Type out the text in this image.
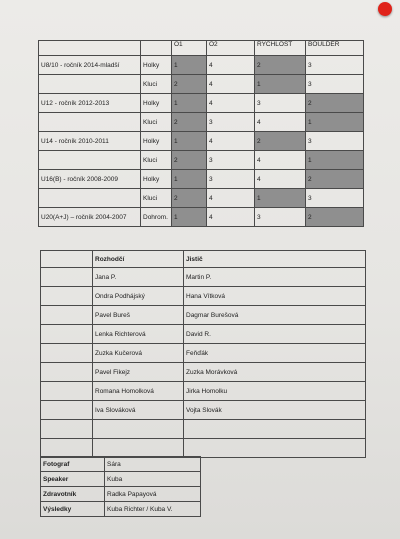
		O1	O2	RYCHLOST	BOULDER
U8/10 - ročník 2014-mladší	Holky	1	4	2	3
	Kluci	2	4	1	3
U12 - ročník 2012-2013	Holky	1	4	3	2
	Kluci	2	3	4	1
U14 - ročník 2010-2011	Holky	1	4	2	3
	Kluci	2	3	4	1
U16(B) - ročník 2008-2009	Holky	1	3	4	2
	Kluci	2	4	1	3
U20(A+J) – ročník 2004-2007	Dohrom.	1	4	3	2
	Rozhodčí	Jistič
	Jana P.	Martin P.
	Ondra Podhájský	Hana Vítková
	Pavel Bureš	Dagmar Burešová
	Lenka Richterová	David R.
	Zuzka Kučerová	Feňďák
	Pavel Fikejz	Zuzka Morávková
	Romana Homolková	Jirka Homolku
	Iva Slováková	Vojta Slovák

Fotograf	Sára
Speaker	Kuba
Zdravotník	Radka Papayová
Výsledky	Kuba Richter / Kuba V.
